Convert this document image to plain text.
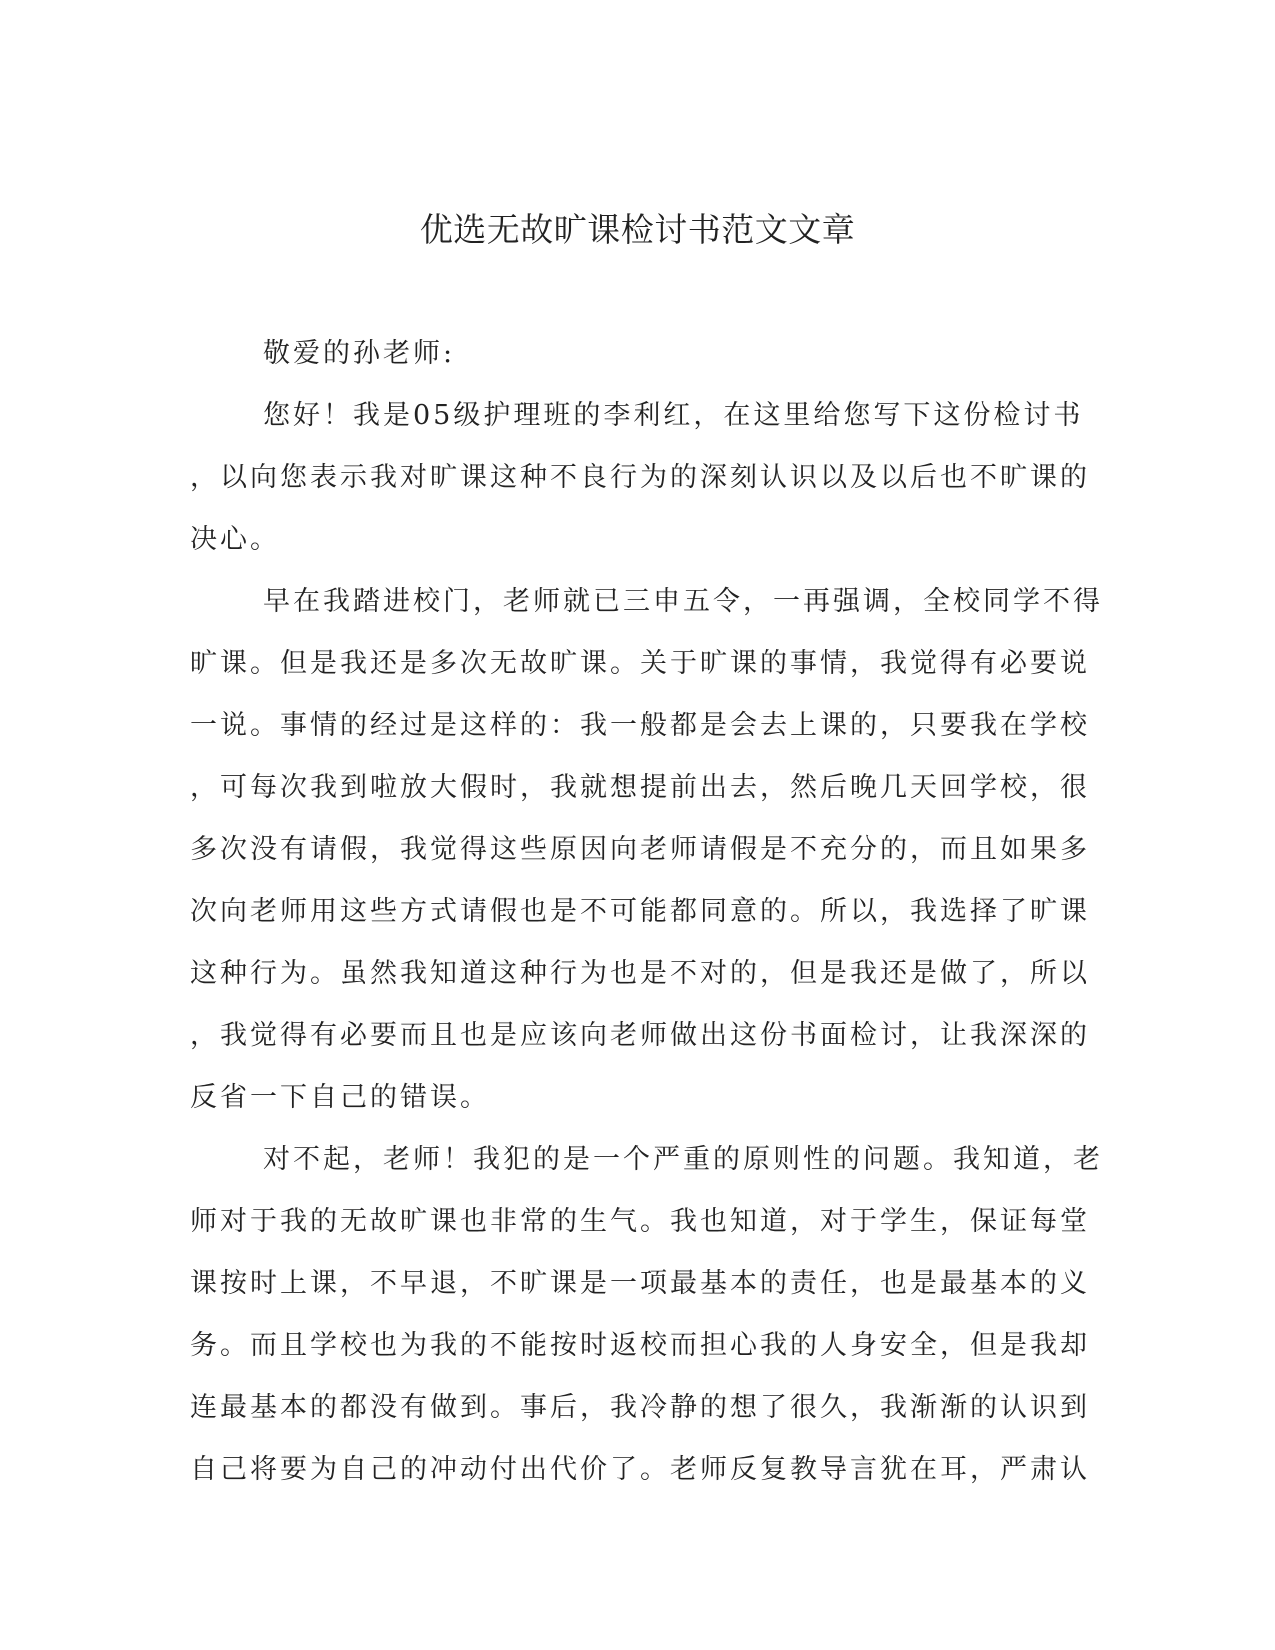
优选无故旷课检讨书范文文章
敬爱的孙老师:
您好！我是05级护理班的李利红，在这里给您写下这份检讨书
，以向您表示我对旷课这种不良行为的深刻认识以及以后也不旷课的
决心。
早在我踏进校门，老师就已三申五令，一再强调，全校同学不得
旷课。但是我还是多次无故旷课。关于旷课的事情，我觉得有必要说
一说。事情的经过是这样的：我一般都是会去上课的，只要我在学校
，可每次我到啦放大假时，我就想提前出去，然后晚几天回学校，很
多次没有请假，我觉得这些原因向老师请假是不充分的，而且如果多
次向老师用这些方式请假也是不可能都同意的。所以，我选择了旷课
这种行为。虽然我知道这种行为也是不对的，但是我还是做了，所以
，我觉得有必要而且也是应该向老师做出这份书面检讨，让我深深的
反省一下自己的错误。
对不起，老师！我犯的是一个严重的原则性的问题。我知道，老
师对于我的无故旷课也非常的生气。我也知道，对于学生，保证每堂
课按时上课，不早退，不旷课是一项最基本的责任，也是最基本的义
务。而且学校也为我的不能按时返校而担心我的人身安全，但是我却
连最基本的都没有做到。事后，我冷静的想了很久，我渐渐的认识到
自己将要为自己的冲动付出代价了。老师反复教导言犹在耳，严肃认
